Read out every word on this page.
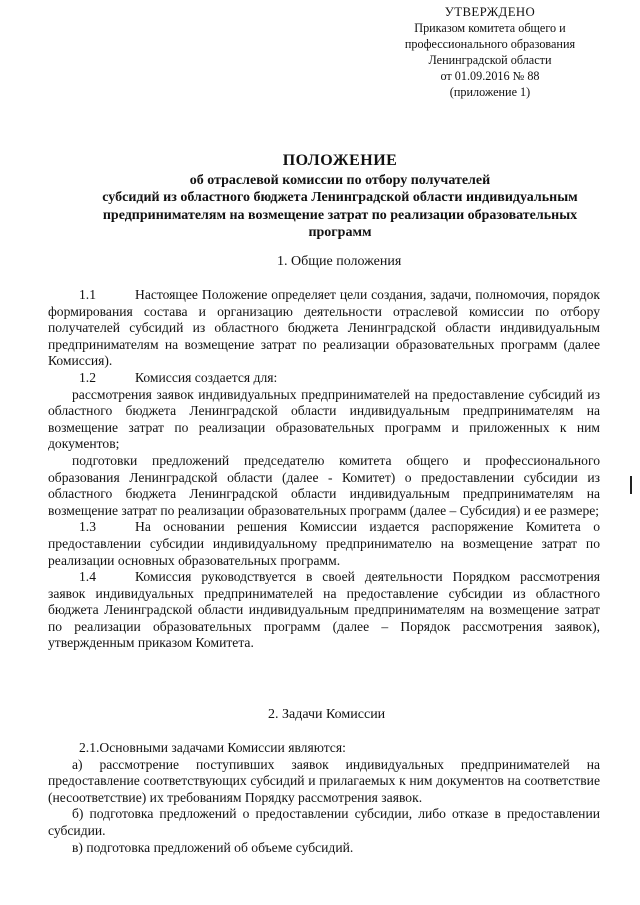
УТВЕРЖДЕНО
Приказом комитета общего и
профессионального образования
Ленинградской области
от 01.09.2016 № 88
(приложение 1)
ПОЛОЖЕНИЕ
об отраслевой комиссии по отбору получателей
субсидий из областного бюджета Ленинградской области индивидуальным
предпринимателям на возмещение затрат по реализации образовательных
программ
1. Общие положения

1.1	Настоящее Положение определяет цели создания, задачи, полномочия, порядок формирования состава и организацию деятельности отраслевой комиссии по отбору получателей субсидий из областного бюджета Ленинградской области индивидуальным предпринимателям на возмещение затрат по реализации образовательных программ (далее Комиссия).

1.2	Комиссия создается для:

рассмотрения заявок индивидуальных предпринимателей на предоставление субсидий из областного бюджета Ленинградской области индивидуальным предпринимателям на возмещение затрат по реализации образовательных программ и приложенных к ним документов;

подготовки предложений председателю комитета общего и профессионального образования Ленинградской области (далее - Комитет) о предоставлении субсидии из областного бюджета Ленинградской области индивидуальным предпринимателям на возмещение затрат по реализации образовательных программ (далее – Субсидия) и ее размере;

1.3	На основании решения Комиссии издается распоряжение Комитета о предоставлении субсидии индивидуальному предпринимателю на возмещение затрат по реализации основных образовательных программ.

1.4	Комиссия руководствуется в своей деятельности Порядком рассмотрения заявок индивидуальных предпринимателей на предоставление субсидии из областного бюджета Ленинградской области индивидуальным предпринимателям на возмещение затрат по реализации образовательных программ (далее – Порядок рассмотрения заявок), утвержденным приказом Комитета.

2. Задачи Комиссии

2.1.Основными задачами Комиссии являются:

а) рассмотрение поступивших заявок индивидуальных предпринимателей на предоставление соответствующих субсидий и прилагаемых к ним документов на соответствие (несоответствие) их требованиям Порядку рассмотрения заявок.

б) подготовка предложений о предоставлении субсидии, либо отказе в предоставлении субсидии.

в) подготовка предложений об объеме субсидий.
